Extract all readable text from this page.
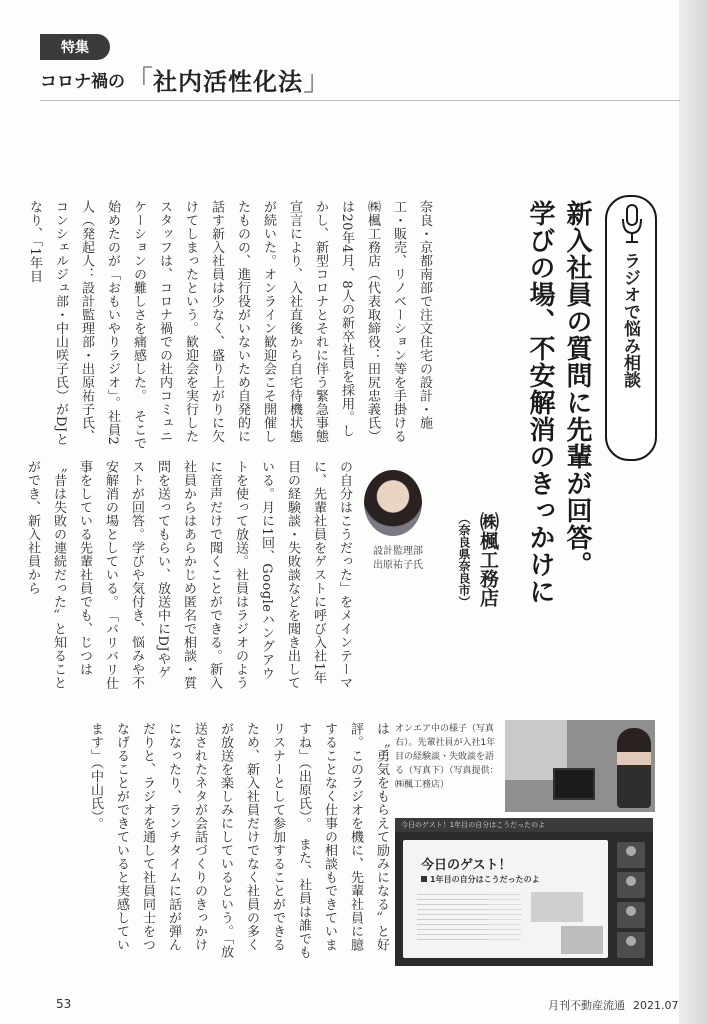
特集
コロナ禍の 「 社内活性化法 」
ラジオで悩み相談
新入社員の質問に先輩が回答。
学びの場、不安解消のきっかけに
㈱楓工務店（奈良県奈良市）
奈良・京都南部で注文住宅の設計・施工・販売、リノベーション等を手掛ける㈱楓工務店（代表取締役：田尻忠義氏）は20年4月、8人の新卒社員を採用。しかし、新型コロナとそれに伴う緊急事態宣言により、入社直後から自宅待機状態が続いた。オンライン歓迎会こそ開催したものの、進行役がいないため自発的に話す新入社員は少なく、盛り上がりに欠けてしまったという。歓迎会を実行したスタッフは、コロナ禍での社内コミュニケーションの難しさを痛感した。　そこで始めたのが「おもいやりラジオ」。社員2人（発起人：設計監理部・出原祐子氏、コンシェルジュ部・中山咲子氏）がDJとなり、「1年目
の自分はこうだった」をメインテーマに、先輩社員をゲストに呼び入社1年目の経験談・失敗談などを聞き出している。月に1回、Googleハングアウトを使って放送。社員はラジオのように音声だけで聞くことができる。新入社員からはあらかじめ匿名で相談・質問を送ってもらい、放送中にDJやゲストが回答。学びや気付き、悩みや不安解消の場としている。　「バリバリ仕事をしている先輩社員でも、じつは〝昔は失敗の連続だった〟と知ることができ、新入社員から
は〝勇気をもらえて励みになる〟と好評。このラジオを機に、先輩社員に臆することなく仕事の相談もできていますね」（出原氏）。　また、社員は誰でもリスナーとして参加することができるため、新入社員だけでなく社員の多くが放送を楽しみにしているという。「放送されたネタが会話づくりのきっかけになったり、ランチタイムに話が弾んだりと、ラジオを通して社員同士をつなげることができていると実感しています」（中山氏）。
設計監理部
出原祐子氏
オンエア中の様子（写真右）。先輩社員が入社1年目の経験談・失敗談を語る（写真下）（写真提供：㈱楓工務店）
今日のゲスト！1年目の自分はこうだったのよ
今日のゲスト！
1年目の自分はこうだったのよ
53	月刊不動産流通 2021.07
